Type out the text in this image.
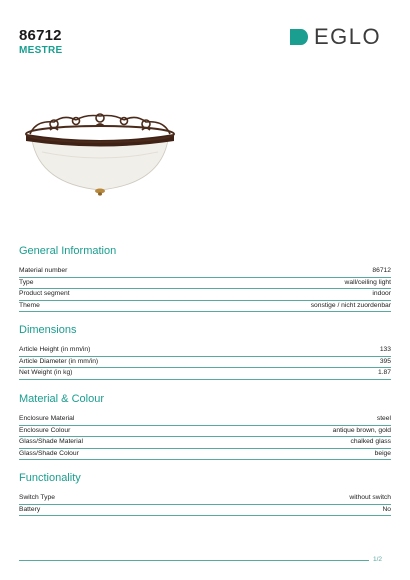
86712
MESTRE
EGLO
General Information
Material number	86712
Type	wall/ceiling light
Product segment	indoor
Theme	sonstige / nicht zuordenbar
Dimensions
Article Height (in mm/in)	133
Article Diameter (in mm/in)	395
Net Weight (in kg)	1.87
Material & Colour
Enclosure Material	steel
Enclosure Colour	antique brown, gold
Glass/Shade Material	chalked glass
Glass/Shade Colour	beige
Functionality
Switch Type	without switch
Battery	No
1/2
